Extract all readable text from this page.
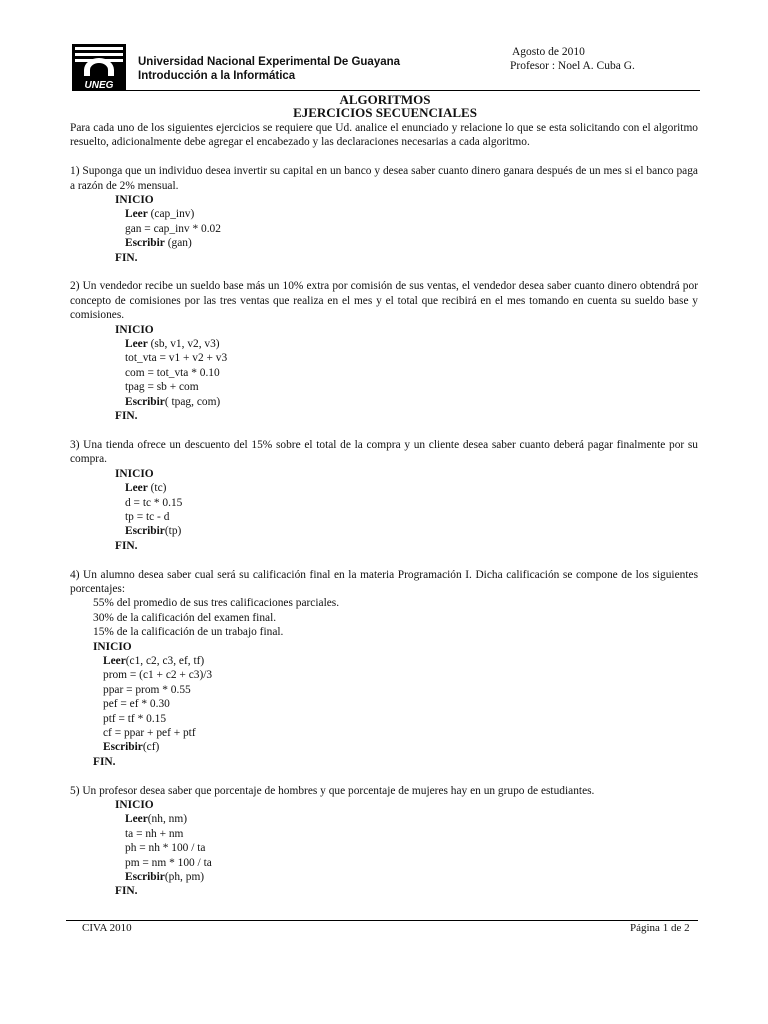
UNEG
Universidad Nacional Experimental De Guayana
Introducción a la Informática
Agosto de 2010
Profesor : Noel A. Cuba G.
ALGORITMOS
EJERCICIOS SECUENCIALES

Para cada uno de los siguientes ejercicios se requiere que Ud. analice el enunciado y relacione lo que se esta solicitando con el algoritmo resuelto, adicionalmente debe agregar el encabezado y las declaraciones necesarias a cada algoritmo.

1) Suponga que un individuo desea invertir su capital en un banco y desea saber cuanto dinero ganara después de un mes si el banco paga a razón de 2% mensual.

INICIO
Leer (cap_inv)
gan = cap_inv * 0.02
Escribir (gan)
FIN.

2) Un vendedor recibe un sueldo base más un 10% extra por comisión de sus ventas, el vendedor desea saber cuanto dinero obtendrá por concepto de comisiones por las tres ventas que realiza en el mes y el total que recibirá en el mes tomando en cuenta su sueldo base y comisiones.

INICIO
Leer (sb, v1, v2, v3)
tot_vta = v1 + v2 + v3
com = tot_vta * 0.10
tpag = sb + com
Escribir( tpag, com)
FIN.

3) Una tienda ofrece un descuento del 15% sobre el total de la compra y un cliente desea saber cuanto deberá pagar finalmente por su compra.

INICIO
Leer (tc)
d = tc * 0.15
tp = tc - d
Escribir(tp)
FIN.

4) Un alumno desea saber cual será su calificación final en la materia Programación I. Dicha calificación se compone de los siguientes porcentajes:

55% del promedio de sus tres calificaciones parciales.
30% de la calificación del examen final.
15% de la calificación de un trabajo final.
INICIO
Leer(c1, c2, c3, ef, tf)
prom = (c1 + c2 + c3)/3
ppar = prom * 0.55
pef = ef * 0.30
ptf = tf * 0.15
cf = ppar + pef + ptf
Escribir(cf)
FIN.

5) Un profesor desea saber que porcentaje de hombres y que porcentaje de mujeres hay en un grupo de estudiantes.

INICIO
Leer(nh, nm)
ta = nh + nm
ph = nh * 100 / ta
pm = nm * 100 / ta
Escribir(ph, pm)
FIN.
CIVA 2010	Página 1 de 2
